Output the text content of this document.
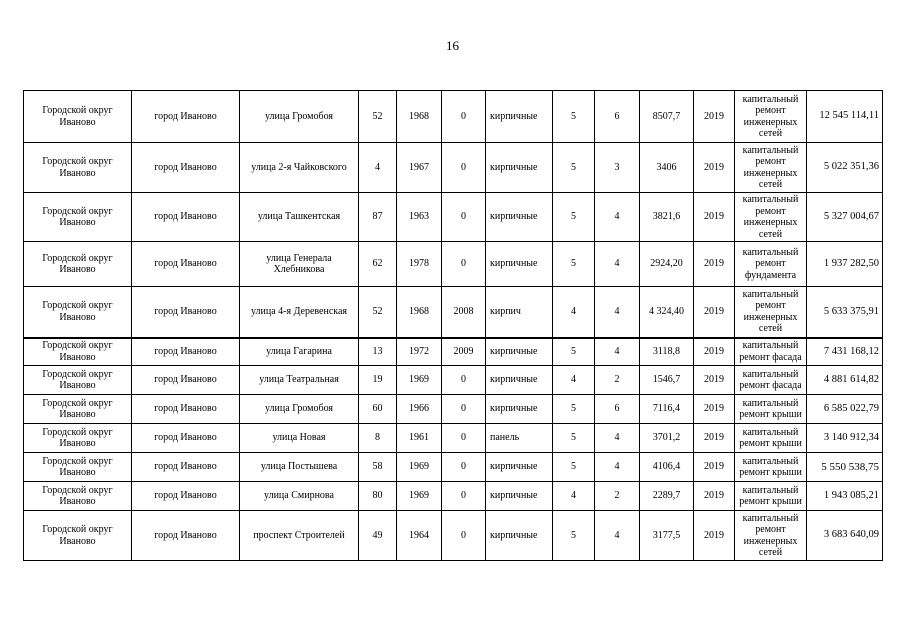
16
Городской округ Иваново	город Иваново	улица Громобоя	52	1968	0	кирпичные	5	6	8507,7	2019	капитальный ремонт инженерных сетей	12 545 114,11
Городской округ Иваново	город Иваново	улица 2-я Чайковского	4	1967	0	кирпичные	5	3	3406	2019	капитальный ремонт инженерных сетей	5 022 351,36
Городской округ Иваново	город Иваново	улица Ташкентская	87	1963	0	кирпичные	5	4	3821,6	2019	капитальный ремонт инженерных сетей	5 327 004,67
Городской округ Иваново	город Иваново	улица Генерала Хлебникова	62	1978	0	кирпичные	5	4	2924,20	2019	капитальный ремонт фундамента	1 937 282,50
Городской округ Иваново	город Иваново	улица 4-я Деревенская	52	1968	2008	кирпич	4	4	4 324,40	2019	капитальный ремонт инженерных сетей	5 633 375,91
Городской округ Иваново	город Иваново	улица Гагарина	13	1972	2009	кирпичные	5	4	3118,8	2019	капитальный ремонт фасада	7 431 168,12
Городской округ Иваново	город Иваново	улица Театральная	19	1969	0	кирпичные	4	2	1546,7	2019	капитальный ремонт фасада	4 881 614,82
Городской округ Иваново	город Иваново	улица Громобоя	60	1966	0	кирпичные	5	6	7116,4	2019	капитальный ремонт крыши	6 585 022,79
Городской округ Иваново	город Иваново	улица Новая	8	1961	0	панель	5	4	3701,2	2019	капитальный ремонт крыши	3 140 912,34
Городской округ Иваново	город Иваново	улица Постышева	58	1969	0	кирпичные	5	4	4106,4	2019	капитальный ремонт крыши	5 550 538,75
Городской округ Иваново	город Иваново	улица Смирнова	80	1969	0	кирпичные	4	2	2289,7	2019	капитальный ремонт крыши	1 943 085,21
Городской округ Иваново	город Иваново	проспект Строителей	49	1964	0	кирпичные	5	4	3177,5	2019	капитальный ремонт инженерных сетей	3 683 640,09
